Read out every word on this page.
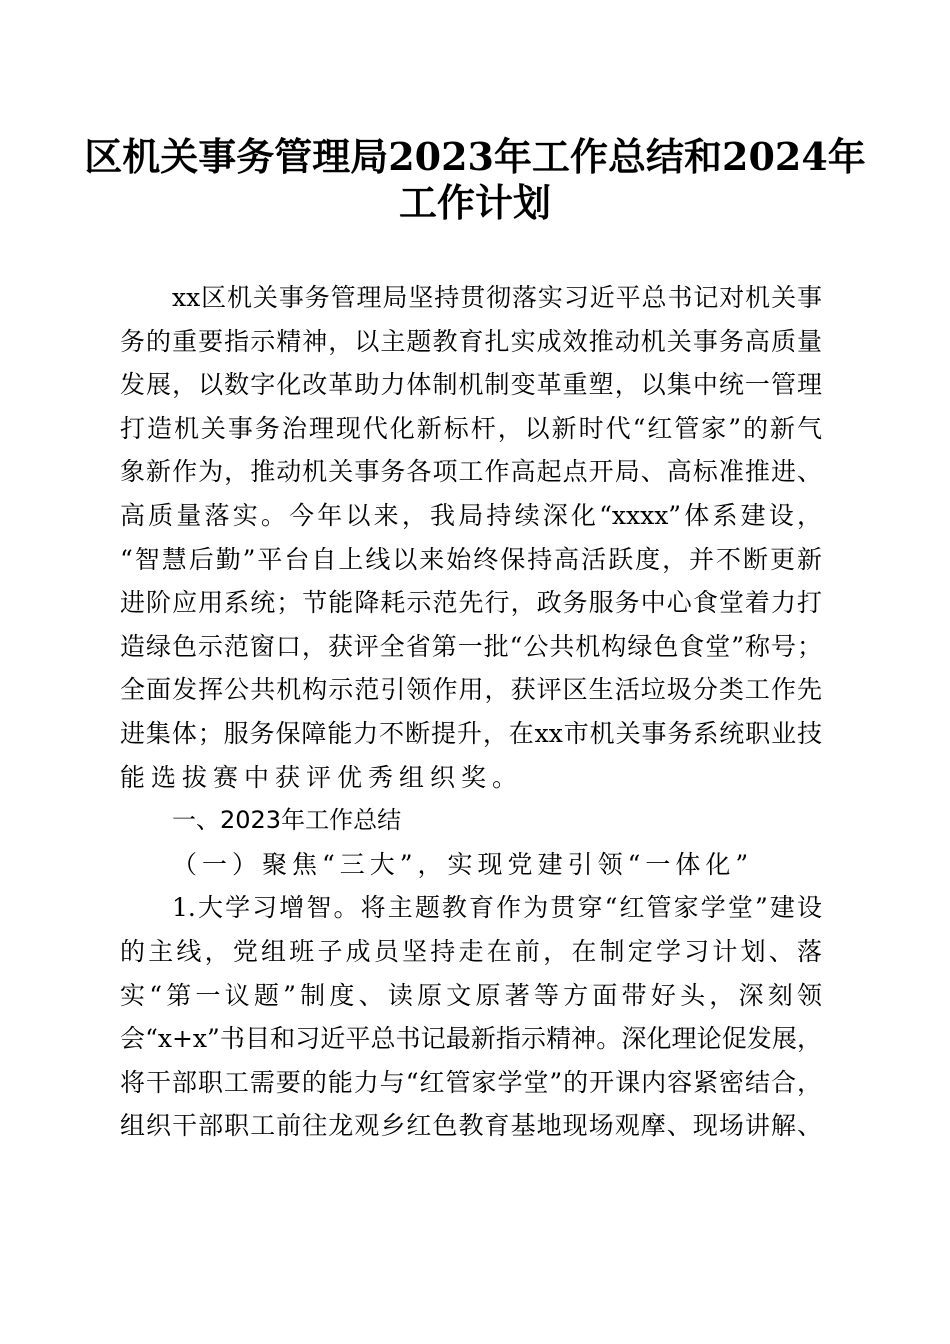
区机关事务管理局2023年工作总结和2024年
工作计划
xx区机关事务管理局坚持贯彻落实习近平总书记对机关事
务的重要指示精神，以主题教育扎实成效推动机关事务高质量
发展，以数字化改革助力体制机制变革重塑，以集中统一管理
打造机关事务治理现代化新标杆，以新时代“红管家”的新气
象新作为，推动机关事务各项工作高起点开局、高标准推进、
高质量落实。今年以来，我局持续深化“xxxx”体系建设，
“智慧后勤”平台自上线以来始终保持高活跃度，并不断更新
进阶应用系统；节能降耗示范先行，政务服务中心食堂着力打
造绿色示范窗口，获评全省第一批“公共机构绿色食堂”称号；
全面发挥公共机构示范引领作用，获评区生活垃圾分类工作先
进集体；服务保障能力不断提升，在xx市机关事务系统职业技
能选拔赛中获评优秀组织奖。
一、2023年工作总结
（一）聚焦“三大”，实现党建引领“一体化”
1.大学习增智。将主题教育作为贯穿“红管家学堂”建设
的主线，党组班子成员坚持走在前，在制定学习计划、落
实“第一议题”制度、读原文原著等方面带好头，深刻领
会“x+x”书目和习近平总书记最新指示精神。深化理论促发展，
将干部职工需要的能力与“红管家学堂”的开课内容紧密结合，
组织干部职工前往龙观乡红色教育基地现场观摩、现场讲解、
